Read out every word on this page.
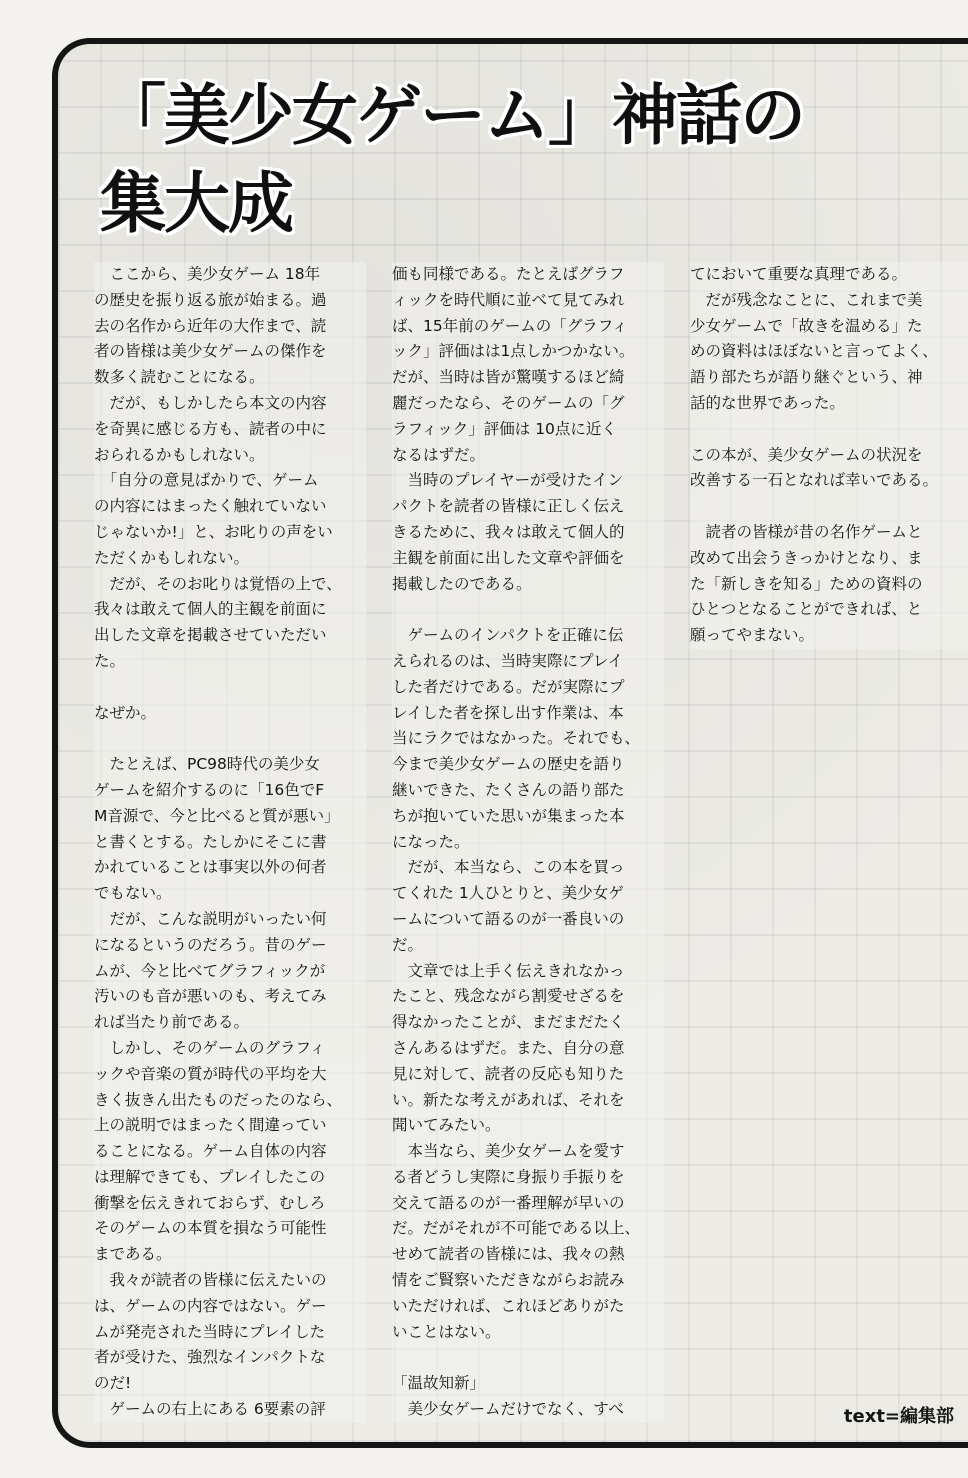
「美少女ゲーム」神話の
集大成

　ここから、美少女ゲーム 18年
の歴史を振り返る旅が始まる。過
去の名作から近年の大作まで、読
者の皆様は美少女ゲームの傑作を
数多く読むことになる。

　だが、もしかしたら本文の内容
を奇異に感じる方も、読者の中に
おられるかもしれない。

　「自分の意見ばかりで、ゲーム
の内容にはまったく触れていない
じゃないか!」と、お叱りの声をい
ただくかもしれない。

　だが、そのお叱りは覚悟の上で、
我々は敢えて個人的主観を前面に
出した文章を掲載させていただい
た。

なぜか。

　たとえば、PC98時代の美少女
ゲームを紹介するのに「16色でF
M音源で、今と比べると質が悪い」
と書くとする。たしかにそこに書
かれていることは事実以外の何者
でもない。

　だが、こんな説明がいったい何
になるというのだろう。昔のゲー
ムが、今と比べてグラフィックが
汚いのも音が悪いのも、考えてみ
れば当たり前である。

　しかし、そのゲームのグラフィ
ックや音楽の質が時代の平均を大
きく抜きん出たものだったのなら、
上の説明ではまったく間違ってい
ることになる。ゲーム自体の内容
は理解できても、プレイしたこの
衝撃を伝えきれておらず、むしろ
そのゲームの本質を損なう可能性
まである。

　我々が読者の皆様に伝えたいの
は、ゲームの内容ではない。ゲー
ムが発売された当時にプレイした
者が受けた、強烈なインパクトな
のだ!

　ゲームの右上にある 6要素の評

価も同様である。たとえばグラフ
ィックを時代順に並べて見てみれ
ば、15年前のゲームの「グラフィ
ック」評価はは1点しかつかない。
だが、当時は皆が驚嘆するほど綺
麗だったなら、そのゲームの「グ
ラフィック」評価は 10点に近く
なるはずだ。

　当時のプレイヤーが受けたイン
パクトを読者の皆様に正しく伝え
きるために、我々は敢えて個人的
主観を前面に出した文章や評価を
掲載したのである。

　ゲームのインパクトを正確に伝
えられるのは、当時実際にプレイ
した者だけである。だが実際にプ
レイした者を探し出す作業は、本
当にラクではなかった。それでも、
今まで美少女ゲームの歴史を語り
継いできた、たくさんの語り部た
ちが抱いていた思いが集まった本
になった。

　だが、本当なら、この本を買っ
てくれた 1人ひとりと、美少女ゲ
ームについて語るのが一番良いの
だ。

　文章では上手く伝えきれなかっ
たこと、残念ながら割愛せざるを
得なかったことが、まだまだたく
さんあるはずだ。また、自分の意
見に対して、読者の反応も知りた
い。新たな考えがあれば、それを
聞いてみたい。

　本当なら、美少女ゲームを愛す
る者どうし実際に身振り手振りを
交えて語るのが一番理解が早いの
だ。だがそれが不可能である以上、
せめて読者の皆様には、我々の熱
情をご賢察いただきながらお読み
いただければ、これほどありがた
いことはない。

「温故知新」

　美少女ゲームだけでなく、すべ

てにおいて重要な真理である。

　だが残念なことに、これまで美
少女ゲームで「故きを温める」た
めの資料はほぼないと言ってよく、
語り部たちが語り継ぐという、神
話的な世界であった。

この本が、美少女ゲームの状況を
改善する一石となれば幸いである。

　読者の皆様が昔の名作ゲームと
改めて出会うきっかけとなり、ま
た「新しきを知る」ための資料の
ひとつとなることができれば、と
願ってやまない。

text=編集部
